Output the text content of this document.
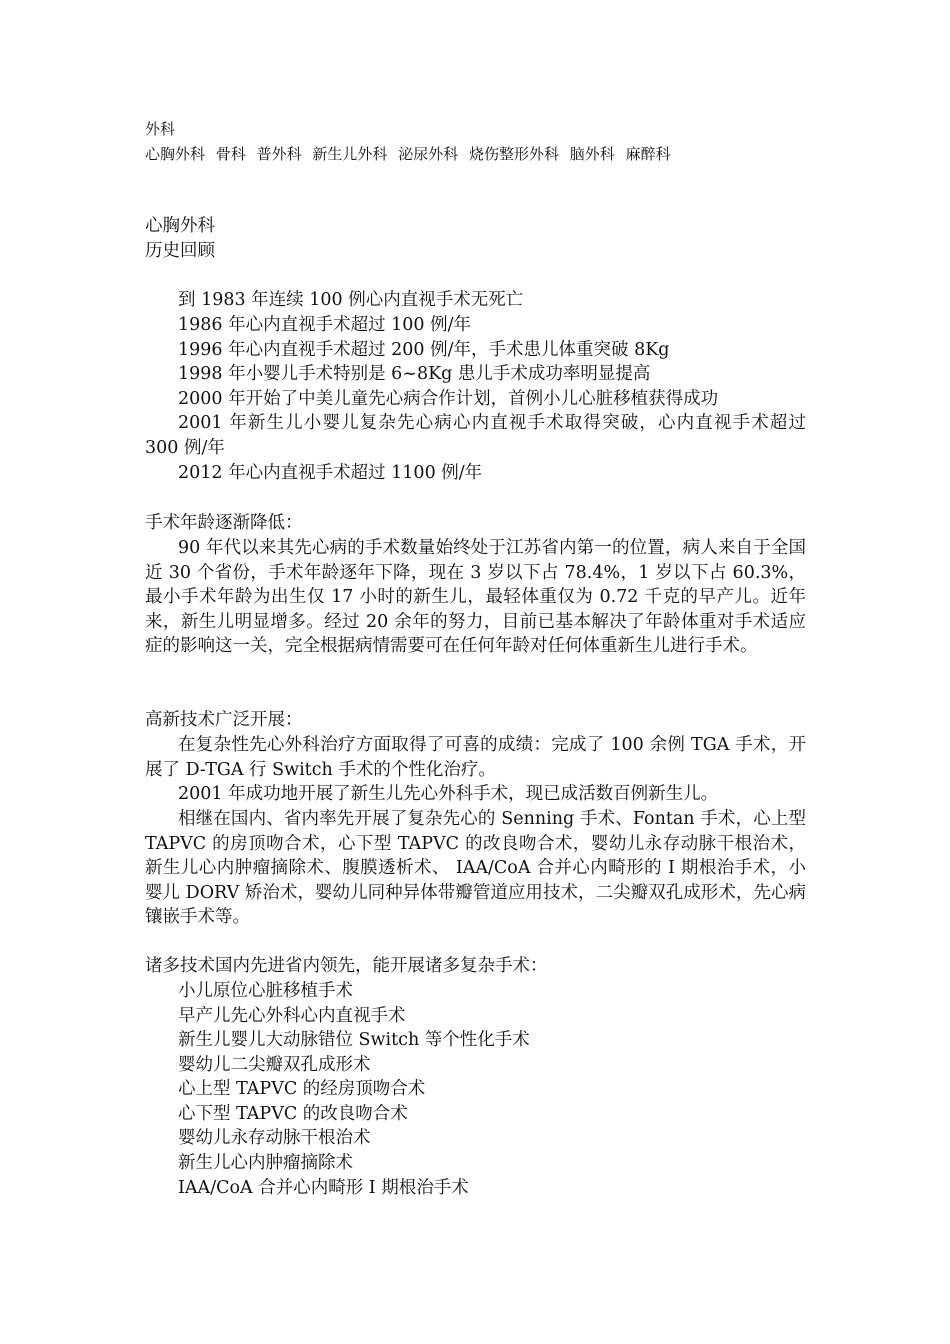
外科
心胸外科 骨科 普外科 新生儿外科 泌尿外科 烧伤整形外科 脑外科 麻醉科
心胸外科
历史回顾
到 1983 年连续 100 例心内直视手术无死亡
1986 年心内直视手术超过 100 例/年
1996 年心内直视手术超过 200 例/年，手术患儿体重突破 8Kg
1998 年小婴儿手术特别是 6~8Kg 患儿手术成功率明显提高
2000 年开始了中美儿童先心病合作计划，首例小儿心脏移植获得成功
2001 年新生儿小婴儿复杂先心病心内直视手术取得突破，心内直视手术超过 300 例/年
2012 年心内直视手术超过 1100 例/年
手术年龄逐渐降低：
90 年代以来其先心病的手术数量始终处于江苏省内第一的位置，病人来自于全国近 30 个省份，手术年龄逐年下降，现在 3 岁以下占 78.4%，1 岁以下占 60.3%，最小手术年龄为出生仅 17 小时的新生儿，最轻体重仅为 0.72 千克的早产儿。近年来，新生儿明显增多。经过 20 余年的努力，目前已基本解决了年龄体重对手术适应症的影响这一关，完全根据病情需要可在任何年龄对任何体重新生儿进行手术。
高新技术广泛开展：
在复杂性先心外科治疗方面取得了可喜的成绩：完成了 100 余例 TGA 手术，开展了 D-TGA 行 Switch 手术的个性化治疗。
2001 年成功地开展了新生儿先心外科手术，现已成活数百例新生儿。
相继在国内、省内率先开展了复杂先心的 Senning 手术、Fontan 手术，心上型 TAPVC 的房顶吻合术，心下型 TAPVC 的改良吻合术，婴幼儿永存动脉干根治术，新生儿心内肿瘤摘除术、腹膜透析术、 IAA/CoA 合并心内畸形的 I 期根治手术，小婴儿 DORV 矫治术，婴幼儿同种异体带瓣管道应用技术，二尖瓣双孔成形术，先心病镶嵌手术等。
诸多技术国内先进省内领先，能开展诸多复杂手术：
小儿原位心脏移植手术
早产儿先心外科心内直视手术
新生儿婴儿大动脉错位 Switch 等个性化手术
婴幼儿二尖瓣双孔成形术
心上型 TAPVC 的经房顶吻合术
心下型 TAPVC 的改良吻合术
婴幼儿永存动脉干根治术
新生儿心内肿瘤摘除术
IAA/CoA 合并心内畸形 I 期根治手术
